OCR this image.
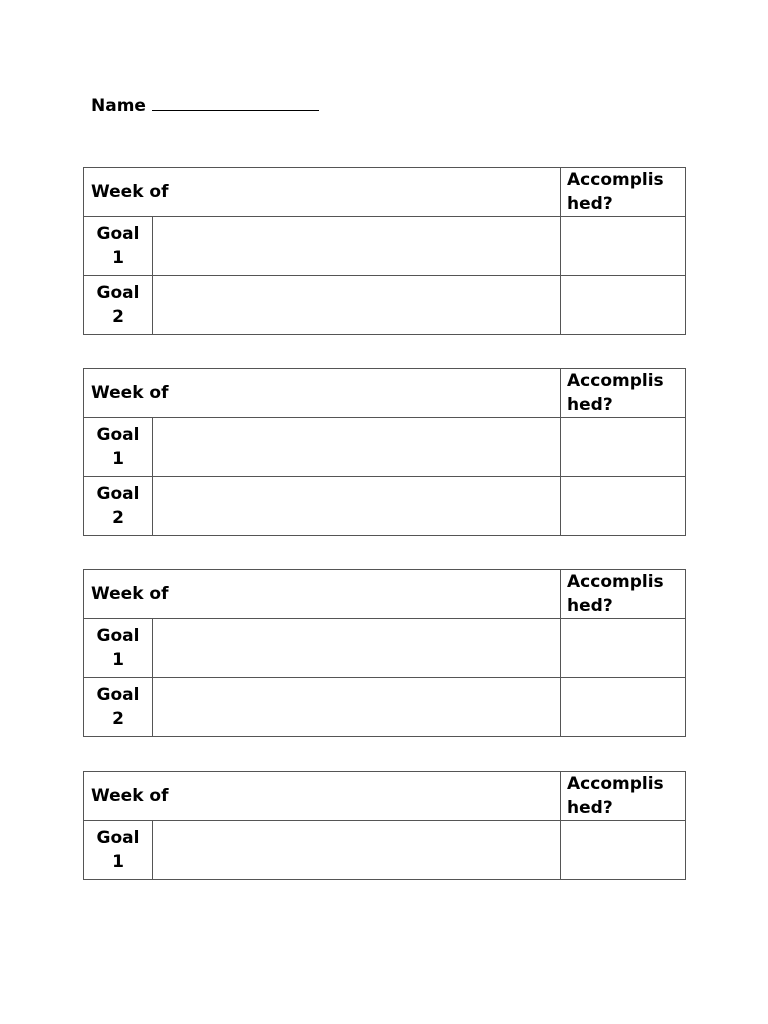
Name
Week of		Accomplis
hed?
Goal 1		
Goal 2		
Week of		Accomplis
hed?
Goal 1		
Goal 2		
Week of		Accomplis
hed?
Goal 1		
Goal 2		
Week of		Accomplis
hed?
Goal 1		
